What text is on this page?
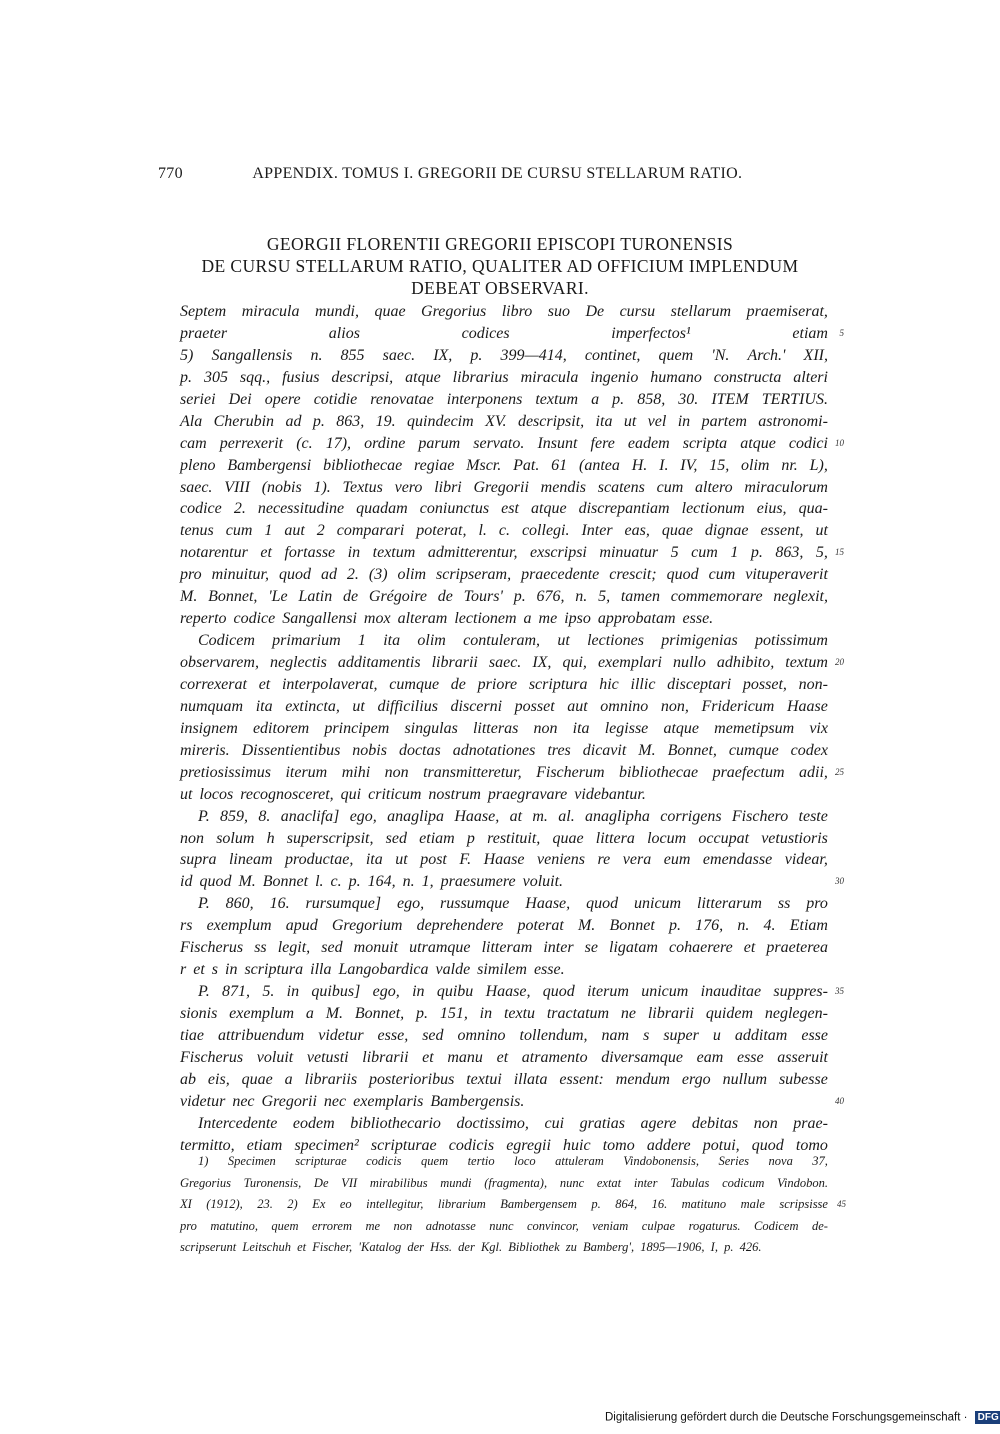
770	APPENDIX. TOMUS I. GREGORII DE CURSU STELLARUM RATIO.
GEORGII FLORENTII GREGORII EPISCOPI TURONENSIS
DE CURSU STELLARUM RATIO, QUALITER AD OFFICIUM IMPLENDUM
DEBEAT OBSERVARI.
Septem miracula mundi, quae Gregorius libro suo De cursu stellarum praemiserat,
praeter	alios	codices	imperfectos¹	etiam 5
5) Sangallensis n. 855 saec. IX, p. 399—414, continet, quem 'N. Arch.' XII,
p. 305 sqq., fusius descripsi, atque librarius miracula ingenio humano constructa alteri
seriei Dei opere cotidie renovatae interponens textum a p. 858, 30. ITEM TERTIUS.
Ala Cherubin ad p. 863, 19. quindecim XV. descripsit, ita ut vel in partem astronomi-
cam perrexerit (c. 17), ordine parum servato. Insunt fere eadem scripta atque codici 10
pleno Bambergensi bibliothecae regiae Mscr. Pat. 61 (antea H. I. IV, 15, olim nr. L),
saec. VIII (nobis 1). Textus vero libri Gregorii mendis scatens cum altero miraculorum
codice 2. necessitudine quadam coniunctus est atque discrepantiam lectionum eius, qua-
tenus cum 1 aut 2 comparari poterat, l. c. collegi. Inter eas, quae dignae essent, ut
notarentur et fortasse in textum admitterentur, exscripsi minuatur 5 cum 1 p. 863, 5, 15
pro minuitur, quod ad 2. (3) olim scripseram, praecedente crescit; quod cum vituperaverit
M. Bonnet, 'Le Latin de Grégoire de Tours' p. 676, n. 5, tamen commemorare neglexit,
reperto codice Sangallensi mox alteram lectionem a me ipso approbatam esse.
Codicem primarium 1 ita olim contuleram, ut lectiones primigenias potissimum
observarem, neglectis additamentis librarii saec. IX, qui, exemplari nullo adhibito, textum 20
correxerat et interpolaverat, cumque de priore scriptura hic illic disceptari posset, non-
numquam ita extincta, ut difficilius discerni posset aut omnino non, Fridericum Haase
insignem editorem principem singulas litteras non ita legisse atque memetipsum vix
mireris. Dissentientibus nobis doctas adnotationes tres dicavit M. Bonnet, cumque codex
pretiosissimus iterum mihi non transmitteretur, Fischerum bibliothecae praefectum adii, 25
ut locos recognosceret, qui criticum nostrum praegravare videbantur.
P. 859, 8. anaclifa] ego, anaglipa Haase, at m. al. anaglipha corrigens Fischero teste
non solum h superscripsit, sed etiam p restituit, quae littera locum occupat vetustioris
supra lineam productae, ita ut post F. Haase veniens re vera eum emendasse videar,
id quod M. Bonnet l. c. p. 164, n. 1, praesumere voluit.	30
P. 860, 16. rursumque] ego, russumque Haase, quod unicum litterarum ss pro
rs exemplum apud Gregorium deprehendere poterat M. Bonnet p. 176, n. 4. Etiam
Fischerus ss legit, sed monuit utramque litteram inter se ligatam cohaerere et praeterea
r et s in scriptura illa Langobardica valde similem esse.
P. 871, 5. in quibus] ego, in quibu Haase, quod iterum unicum inauditae suppres- 35
sionis exemplum a M. Bonnet, p. 151, in textu tractatum ne librarii quidem neglegen-
tiae attribuendum videtur esse, sed omnino tollendum, nam s super u additam esse
Fischerus voluit vetusti librarii et manu et atramento diversamque eam esse asseruit
ab eis, quae a librariis posterioribus textui illata essent: mendum ergo nullum subesse
videtur nec Gregorii nec exemplaris Bambergensis.	40
Intercedente eodem bibliothecario doctissimo, cui gratias agere debitas non prae-
termitto, etiam specimen² scripturae codicis egregii huic tomo addere potui, quod tomo
1) Specimen scripturae codicis quem tertio loco attuleram Vindobonensis, Series nova 37,
Gregorius Turonensis, De VII mirabilibus mundi (fragmenta), nunc extat inter Tabulas codicum Vindobon.
XI (1912), 23. 2) Ex eo intellegitur, librarium Bambergensem p. 864, 16. matituno male scripsisse 45
pro matutino, quem errorem me non adnotasse nunc convincor, veniam culpae rogaturus. Codicem de-
scripserunt Leitschuh et Fischer, 'Katalog der Hss. der Kgl. Bibliothek zu Bamberg', 1895—1906, I, p. 426.
Digitalisierung gefördert durch die Deutsche Forschungsgemeinschaft · DFG
